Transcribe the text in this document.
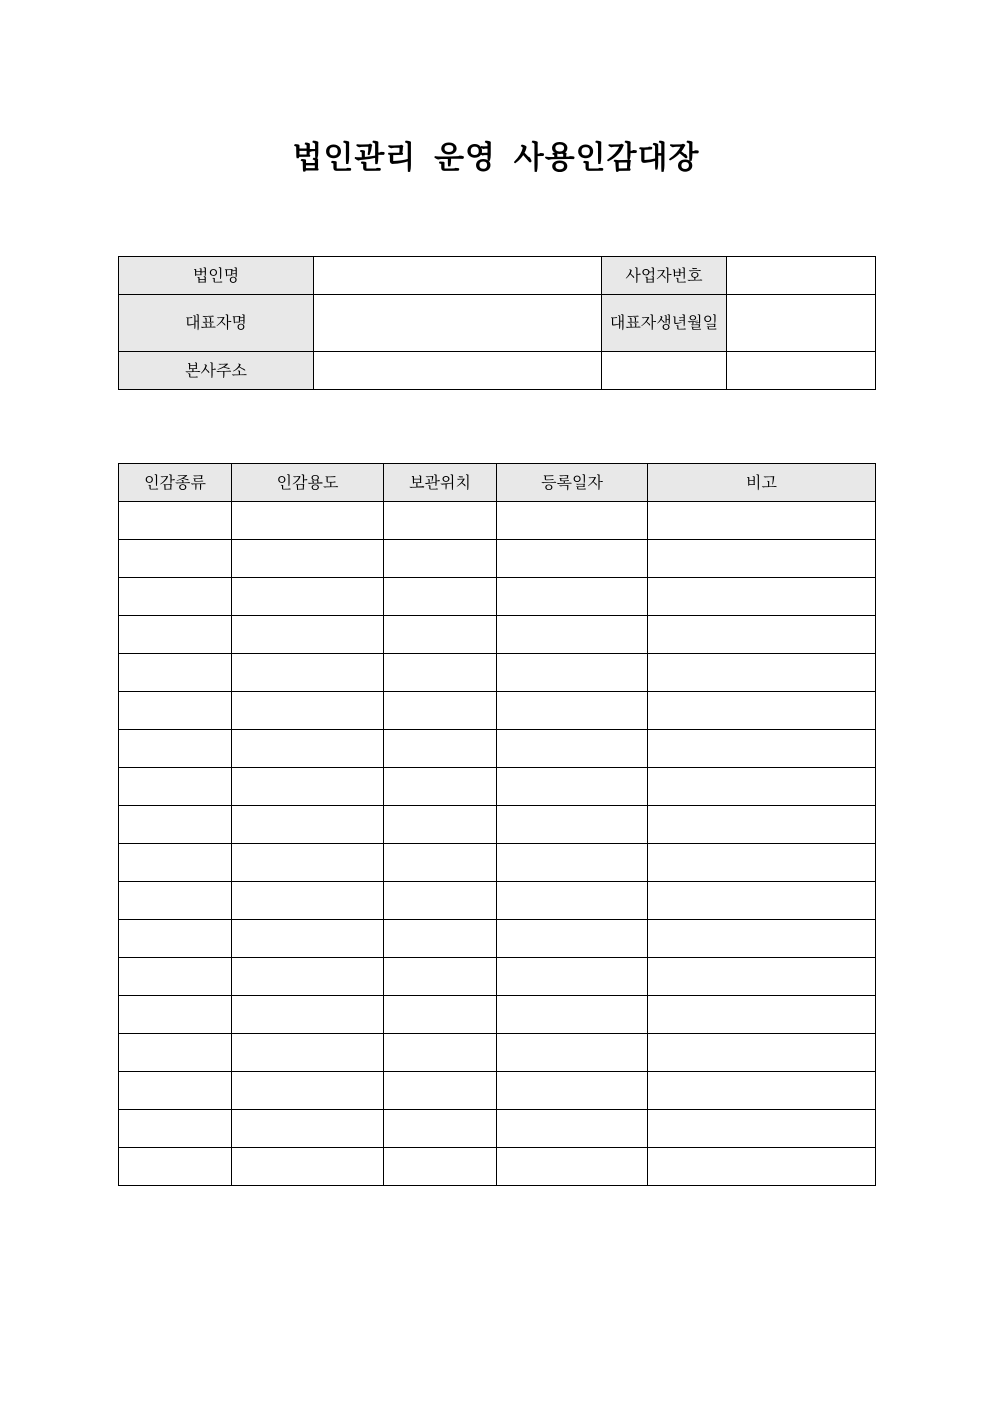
법인관리 운영 사용인감대장
법인명		사업자번호	
대표자명		대표자생년월일	
본사주소			
인감종류	인감용도	보관위치	등록일자	비고
